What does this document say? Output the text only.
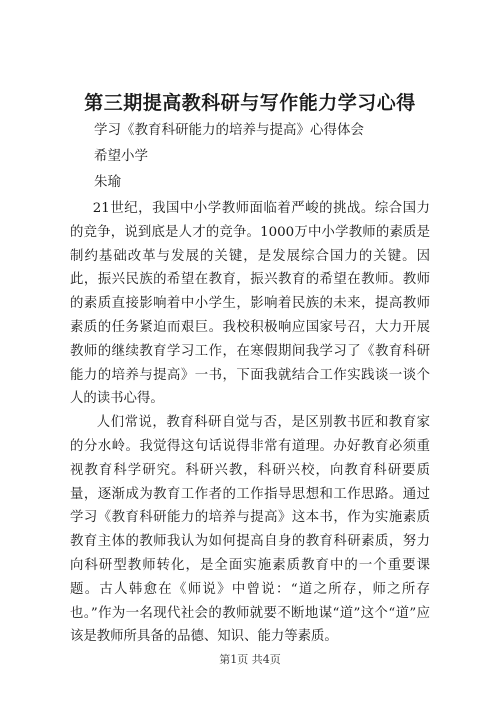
第三期提高教科研与写作能力学习心得
学习《教育科研能力的培养与提高》心得体会
希望小学
朱瑜

21世纪，我国中小学教师面临着严峻的挑战。综合国力的竞争，说到底是人才的竞争。1000万中小学教师的素质是制约基础改革与发展的关键，是发展综合国力的关键。因此，振兴民族的希望在教育，振兴教育的希望在教师。教师的素质直接影响着中小学生，影响着民族的未来，提高教师素质的任务紧迫而艰巨。我校积极响应国家号召，大力开展教师的继续教育学习工作，在寒假期间我学习了《教育科研能力的培养与提高》一书，下面我就结合工作实践谈一谈个人的读书心得。

人们常说，教育科研自觉与否，是区别教书匠和教育家的分水岭。我觉得这句话说得非常有道理。办好教育必须重视教育科学研究。科研兴教，科研兴校，向教育科研要质量，逐渐成为教育工作者的工作指导思想和工作思路。通过学习《教育科研能力的培养与提高》这本书，作为实施素质教育主体的教师我认为如何提高自身的教育科研素质，努力向科研型教师转化，是全面实施素质教育中的一个重要课题。古人韩愈在《师说》中曾说：“道之所存，师之所存也。”作为一名现代社会的教师就要不断地谋“道”这个“道”应该是教师所具备的品德、知识、能力等素质。

第1页 共4页
